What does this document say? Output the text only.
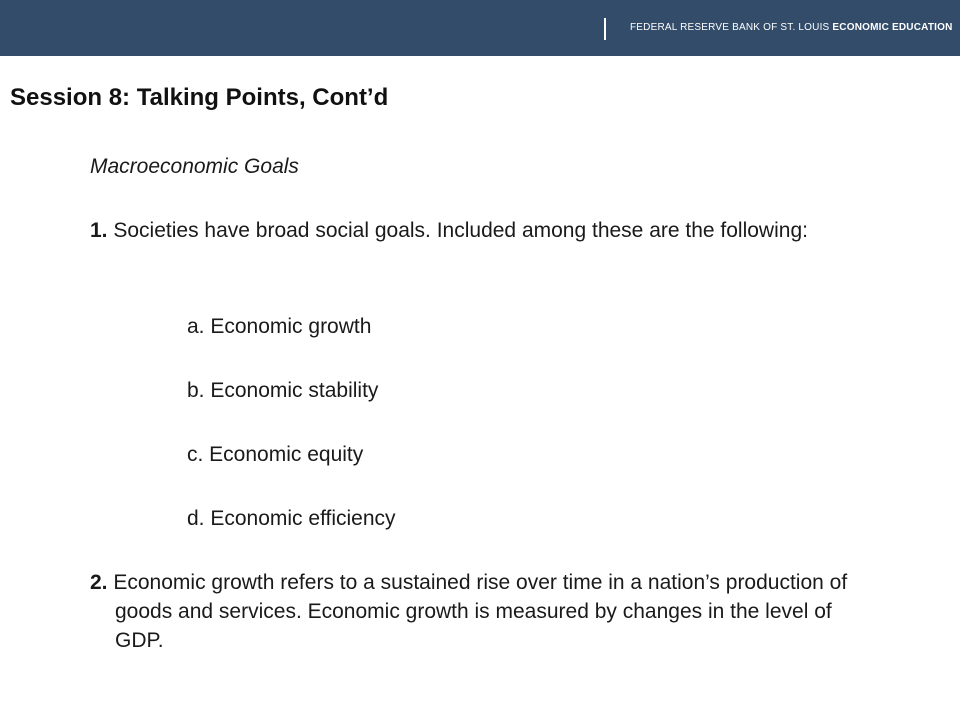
FEDERAL RESERVE BANK OF ST. LOUIS ECONOMIC EDUCATION
Session 8: Talking Points, Cont’d
Macroeconomic Goals
1. Societies have broad social goals. Included among these are the following:
a. Economic growth
b. Economic stability
c. Economic equity
d. Economic efficiency
2. Economic growth refers to a sustained rise over time in a nation’s production of goods and services. Economic growth is measured by changes in the level of GDP.
